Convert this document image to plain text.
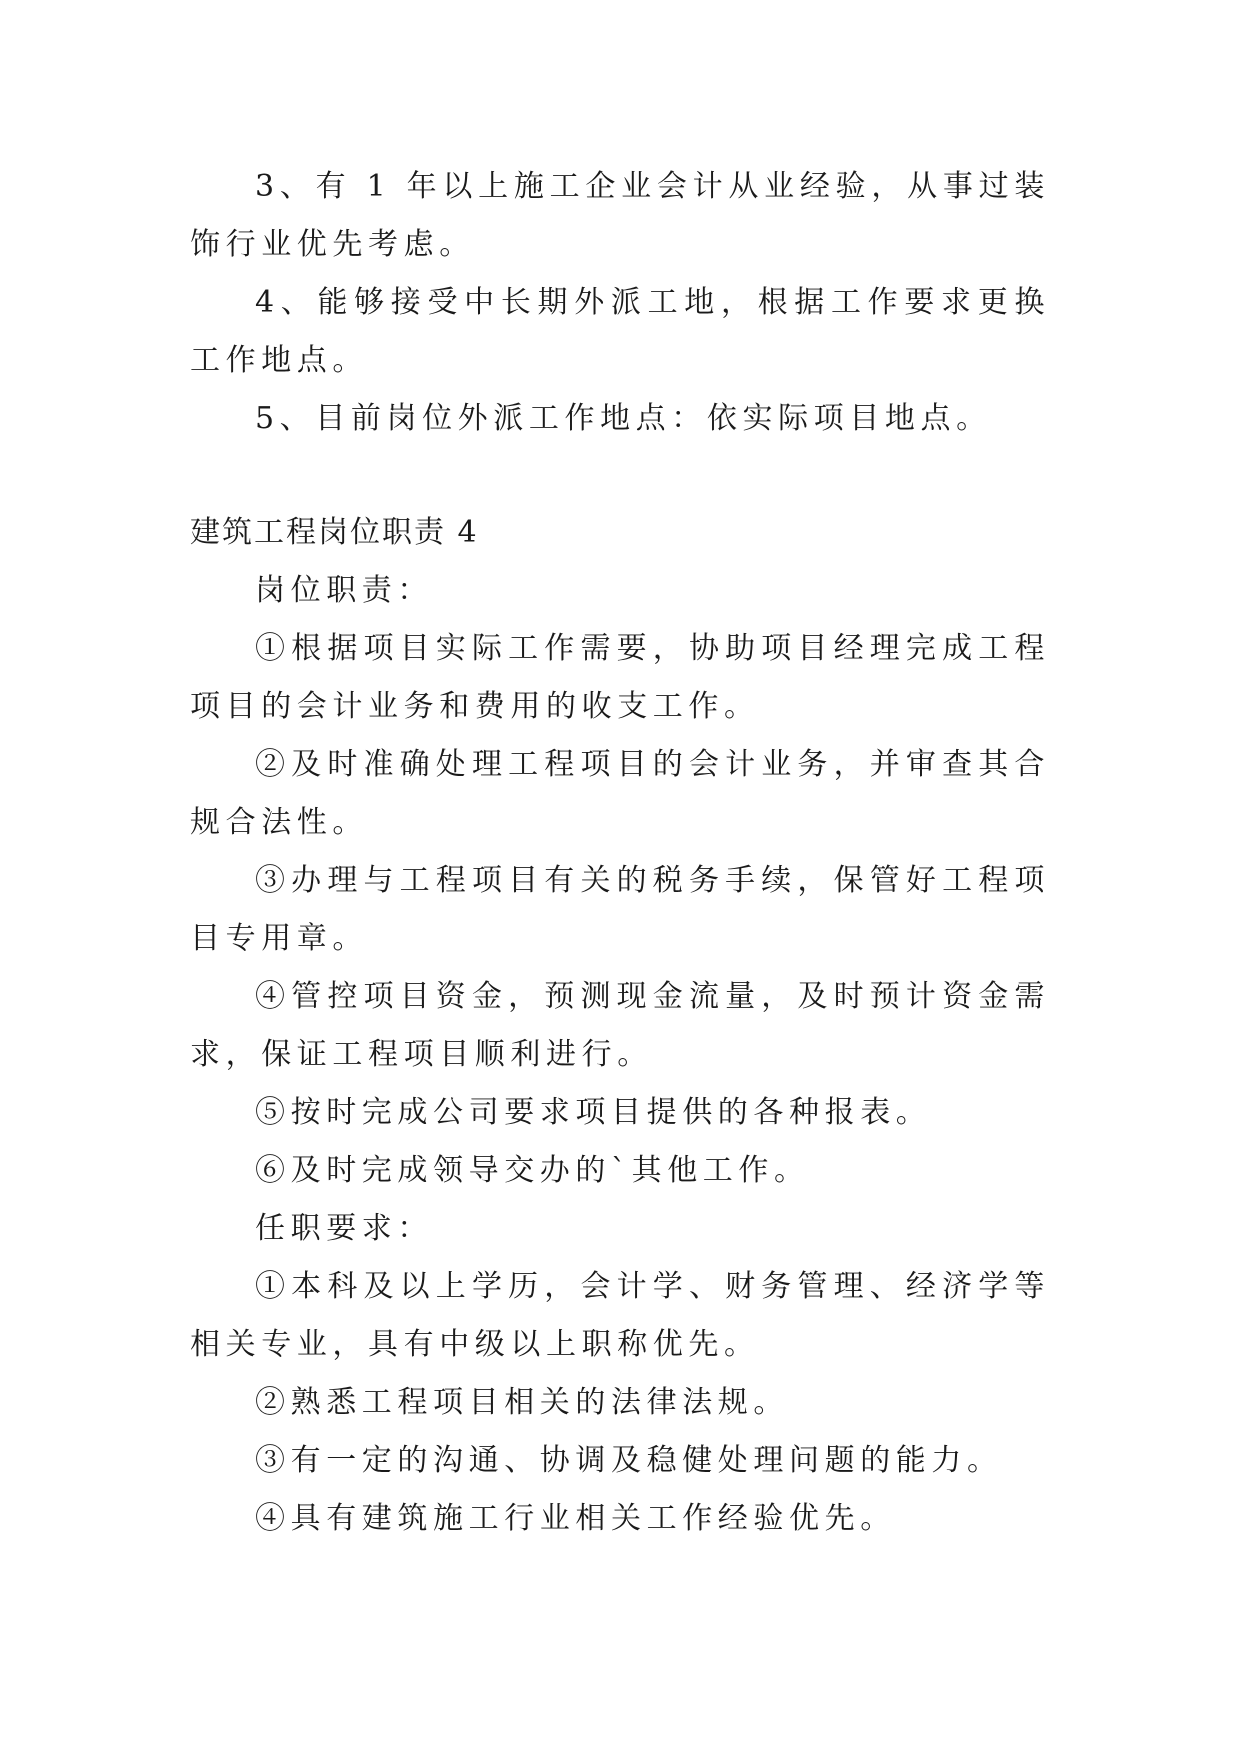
3、有 1 年以上施工企业会计从业经验，从事过装饰行业优先考虑。

4、能够接受中长期外派工地，根据工作要求更换工作地点。

5、目前岗位外派工作地点：依实际项目地点。

建筑工程岗位职责 4

岗位职责：

①根据项目实际工作需要，协助项目经理完成工程项目的会计业务和费用的收支工作。

②及时准确处理工程项目的会计业务，并审查其合规合法性。

③办理与工程项目有关的税务手续，保管好工程项目专用章。

④管控项目资金，预测现金流量，及时预计资金需求，保证工程项目顺利进行。

⑤按时完成公司要求项目提供的各种报表。

⑥及时完成领导交办的`其他工作。

任职要求：

①本科及以上学历，会计学、财务管理、经济学等相关专业，具有中级以上职称优先。

②熟悉工程项目相关的法律法规。

③有一定的沟通、协调及稳健处理问题的能力。

④具有建筑施工行业相关工作经验优先。
